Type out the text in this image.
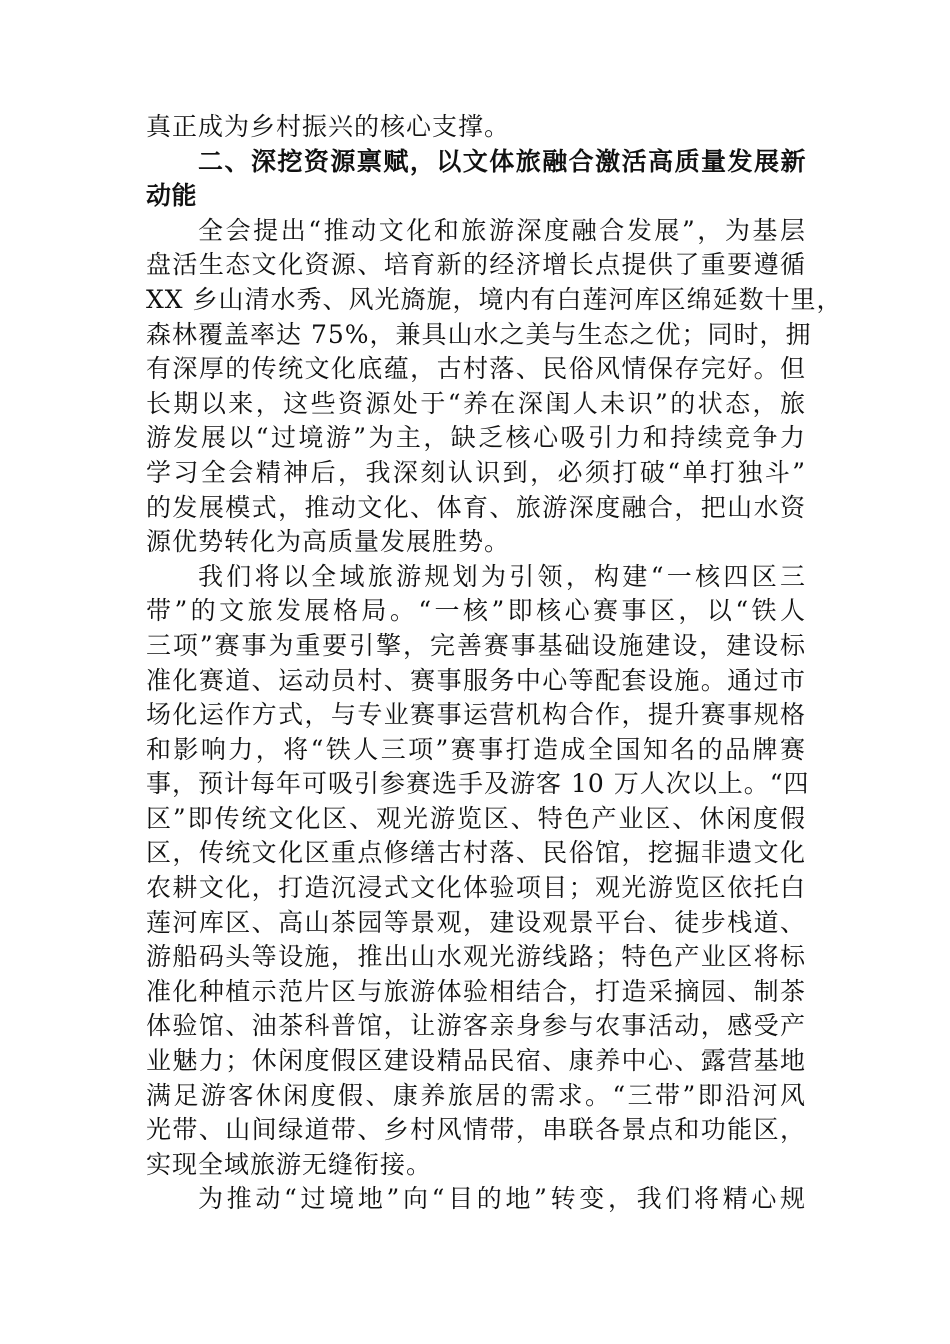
真正成为乡村振兴的核心支撑。

二、深挖资源禀赋，以文体旅融合激活高质量发展新
动能

全会提出“推动文化和旅游深度融合发展”，为基层
盘活生态文化资源、培育新的经济增长点提供了重要遵循
XX 乡山清水秀、风光旖旎，境内有白莲河库区绵延数十里，
森林覆盖率达 75%，兼具山水之美与生态之优；同时，拥
有深厚的传统文化底蕴，古村落、民俗风情保存完好。但
长期以来，这些资源处于“养在深闺人未识”的状态，旅
游发展以“过境游”为主，缺乏核心吸引力和持续竞争力
学习全会精神后，我深刻认识到，必须打破“单打独斗”
的发展模式，推动文化、体育、旅游深度融合，把山水资
源优势转化为高质量发展胜势。

我们将以全域旅游规划为引领，构建“一核四区三
带”的文旅发展格局。“一核”即核心赛事区，以“铁人
三项”赛事为重要引擎，完善赛事基础设施建设，建设标
准化赛道、运动员村、赛事服务中心等配套设施。通过市
场化运作方式，与专业赛事运营机构合作，提升赛事规格
和影响力，将“铁人三项”赛事打造成全国知名的品牌赛
事，预计每年可吸引参赛选手及游客 10 万人次以上。“四
区”即传统文化区、观光游览区、特色产业区、休闲度假
区，传统文化区重点修缮古村落、民俗馆，挖掘非遗文化
农耕文化，打造沉浸式文化体验项目；观光游览区依托白
莲河库区、高山茶园等景观，建设观景平台、徒步栈道、
游船码头等设施，推出山水观光游线路；特色产业区将标
准化种植示范片区与旅游体验相结合，打造采摘园、制茶
体验馆、油茶科普馆，让游客亲身参与农事活动，感受产
业魅力；休闲度假区建设精品民宿、康养中心、露营基地
满足游客休闲度假、康养旅居的需求。“三带”即沿河风
光带、山间绿道带、乡村风情带，串联各景点和功能区，
实现全域旅游无缝衔接。

为推动“过境地”向“目的地”转变，我们将精心规
